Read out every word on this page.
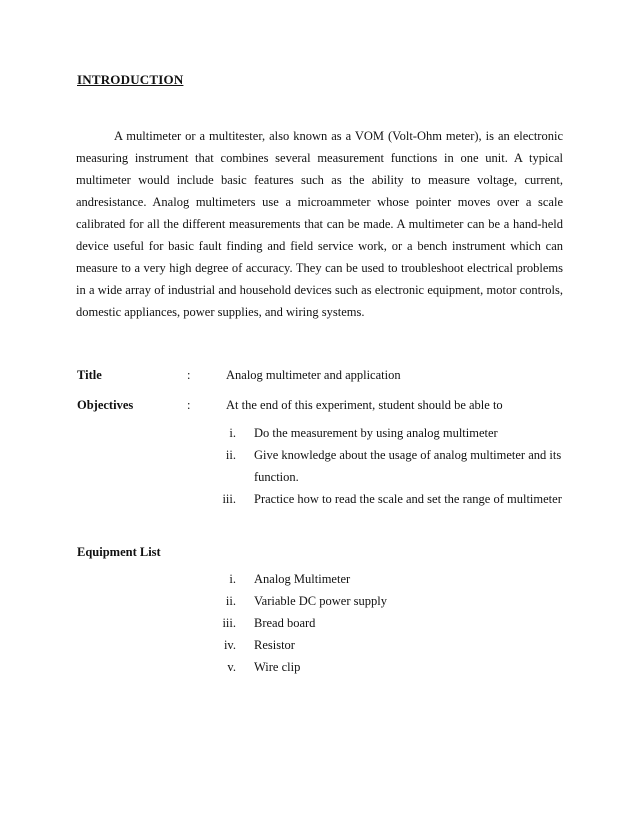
INTRODUCTION

A multimeter or a multitester, also known as a VOM (Volt-Ohm meter), is an electronic measuring instrument that combines several measurement functions in one unit. A typical multimeter would include basic features such as the ability to measure voltage, current, andresistance. Analog multimeters use a microammeter whose pointer moves over a scale calibrated for all the different measurements that can be made. A multimeter can be a hand-held device useful for basic fault finding and field service work, or a bench instrument which can measure to a very high degree of accuracy. They can be used to troubleshoot electrical problems in a wide array of industrial and household devices such as electronic equipment, motor controls, domestic appliances, power supplies, and wiring systems.

Title	:	Analog multimeter and application
Objectives	:	At the end of this experiment, student should be able to
i.	Do the measurement by using analog multimeter
ii.	Give knowledge about the usage of analog multimeter and its function.
iii.	Practice how to read the scale and set the range of multimeter
Equipment List
i.	Analog Multimeter
ii.	Variable DC power supply
iii.	Bread board
iv.	Resistor
v.	Wire clip
